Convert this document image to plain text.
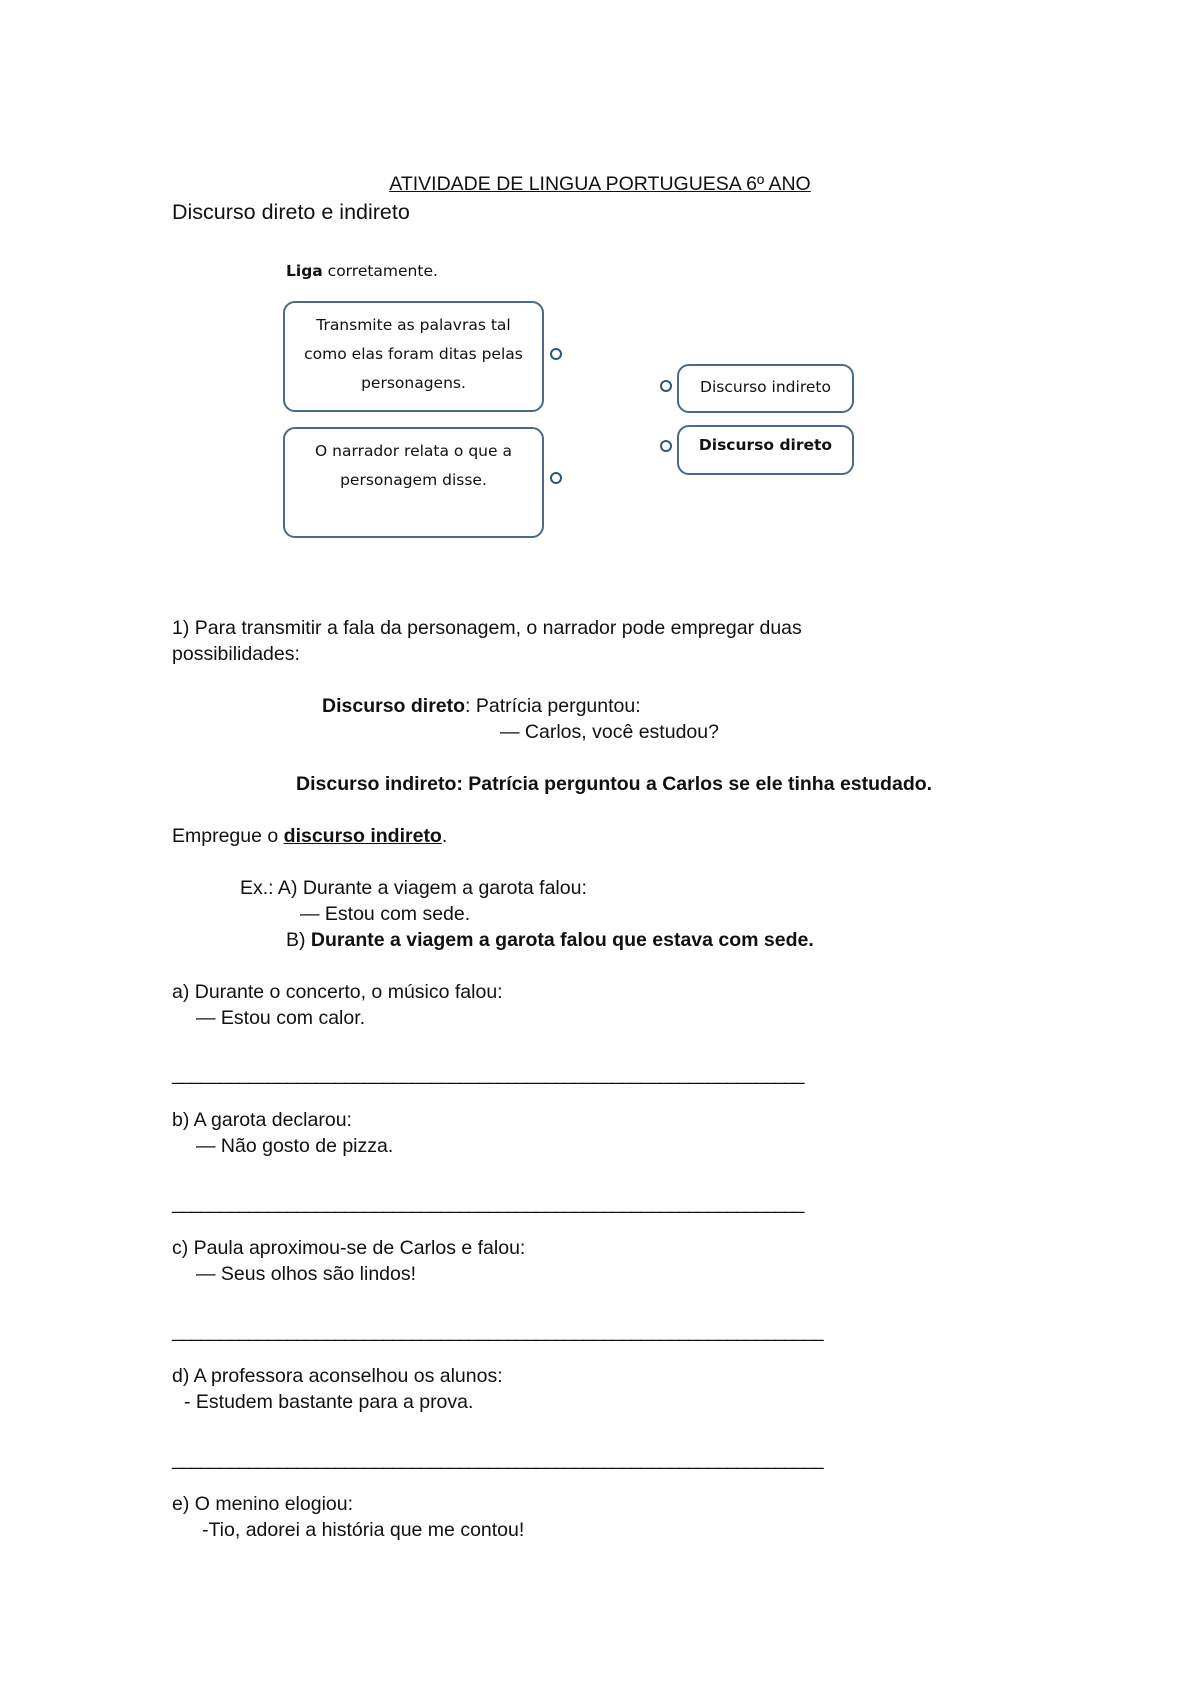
ATIVIDADE DE LINGUA PORTUGUESA 6º ANO
Discurso direto e indireto
Liga corretamente.
Transmite as palavras tal como elas foram ditas pelas personagens.
O narrador relata o que a personagem disse.
Discurso indireto
Discurso direto
1) Para transmitir a fala da personagem, o narrador pode empregar duas
possibilidades:
Discurso direto: Patrícia perguntou:
— Carlos, você estudou?
Discurso indireto: Patrícia perguntou a Carlos se ele tinha estudado.
Empregue o discurso indireto.
Ex.: A) Durante a viagem a garota falou:
— Estou com sede.
B) Durante a viagem a garota falou que estava com sede.
a) Durante o concerto, o músico falou:
— Estou com calor.
__________________________________________________________________
b) A garota declarou:
— Não gosto de pizza.
__________________________________________________________________
c) Paula aproximou-se de Carlos e falou:
— Seus olhos são lindos!
____________________________________________________________________
d) A professora aconselhou os alunos:
- Estudem bastante para a prova.
____________________________________________________________________
e) O menino elogiou:
-Tio, adorei a história que me contou!
